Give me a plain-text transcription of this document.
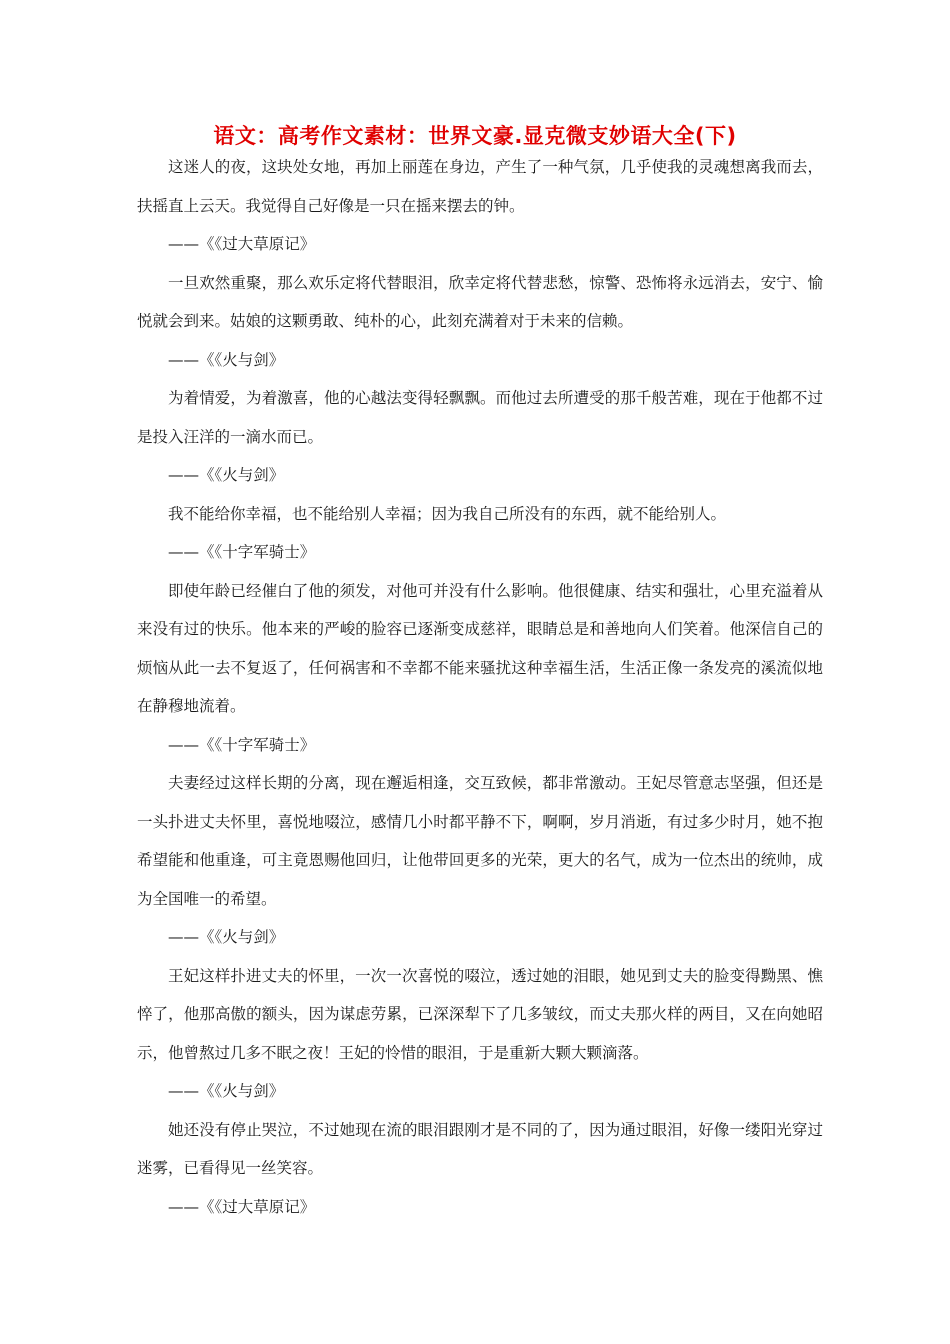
语文：高考作文素材：世界文豪.显克微支妙语大全(下)

这迷人的夜，这块处女地，再加上丽莲在身边，产生了一种气氛，几乎使我的灵魂想离我而去，扶摇直上云天。我觉得自己好像是一只在摇来摆去的钟。

——《《过大草原记》

一旦欢然重聚，那么欢乐定将代替眼泪，欣幸定将代替悲愁，惊警、恐怖将永远消去，安宁、愉悦就会到来。姑娘的这颗勇敢、纯朴的心，此刻充满着对于未来的信赖。

——《《火与剑》

为着情爱，为着激喜，他的心越法变得轻飘飘。而他过去所遭受的那千般苦难，现在于他都不过是投入汪洋的一滴水而已。

——《《火与剑》

我不能给你幸福，也不能给别人幸福；因为我自己所没有的东西，就不能给别人。

——《《十字军骑士》

即使年龄已经催白了他的须发，对他可并没有什么影响。他很健康、结实和强壮，心里充溢着从来没有过的快乐。他本来的严峻的脸容已逐渐变成慈祥，眼睛总是和善地向人们笑着。他深信自己的烦恼从此一去不复返了，任何祸害和不幸都不能来骚扰这种幸福生活，生活正像一条发亮的溪流似地在静穆地流着。

——《《十字军骑士》

夫妻经过这样长期的分离，现在邂逅相逢，交互致候，都非常激动。王妃尽管意志坚强，但还是一头扑进丈夫怀里，喜悦地啜泣，感情几小时都平静不下，啊啊，岁月消逝，有过多少时月，她不抱希望能和他重逢，可主竟恩赐他回归，让他带回更多的光荣，更大的名气，成为一位杰出的统帅，成为全国唯一的希望。

——《《火与剑》

王妃这样扑进丈夫的怀里，一次一次喜悦的啜泣，透过她的泪眼，她见到丈夫的脸变得黝黑、憔悴了，他那高傲的额头，因为谋虑劳累，已深深犁下了几多皱纹，而丈夫那火样的两目，又在向她昭示，他曾熬过几多不眠之夜！王妃的怜惜的眼泪，于是重新大颗大颗滴落。

——《《火与剑》

她还没有停止哭泣，不过她现在流的眼泪跟刚才是不同的了，因为通过眼泪，好像一缕阳光穿过迷雾，已看得见一丝笑容。

——《《过大草原记》
